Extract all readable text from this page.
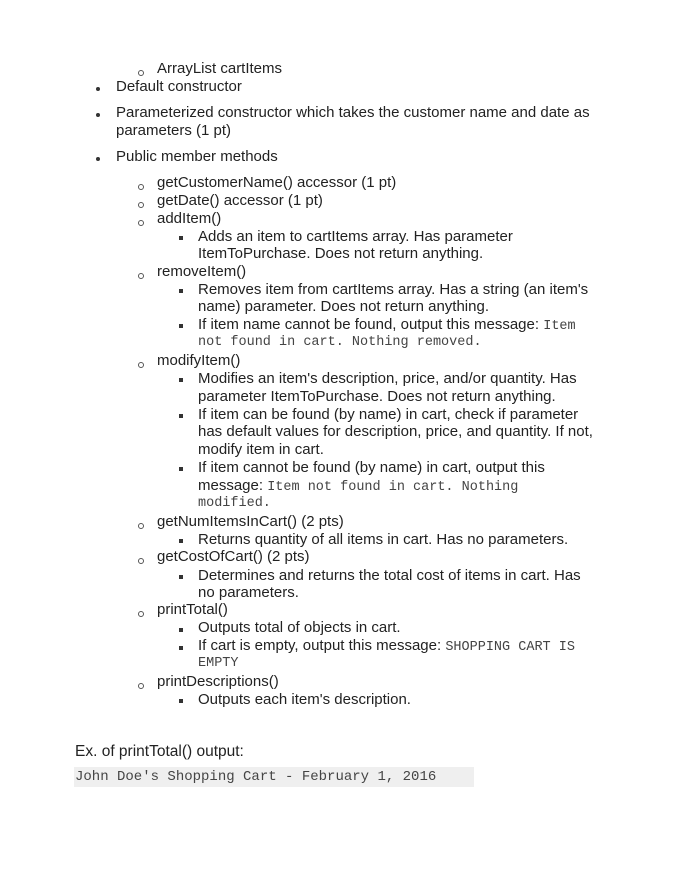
ArrayList cartItems
Default constructor
Parameterized constructor which takes the customer name and date as
parameters (1 pt)
Public member methods
getCustomerName() accessor (1 pt)
getDate() accessor (1 pt)
addItem()
Adds an item to cartItems array. Has parameter
ItemToPurchase. Does not return anything.
removeItem()
Removes item from cartItems array. Has a string (an item's
name) parameter. Does not return anything.
If item name cannot be found, output this message: Item
not found in cart. Nothing removed.
modifyItem()
Modifies an item's description, price, and/or quantity. Has
parameter ItemToPurchase. Does not return anything.
If item can be found (by name) in cart, check if parameter
has default values for description, price, and quantity. If not,
modify item in cart.
If item cannot be found (by name) in cart, output this
message: Item not found in cart. Nothing
modified.
getNumItemsInCart() (2 pts)
Returns quantity of all items in cart. Has no parameters.
getCostOfCart() (2 pts)
Determines and returns the total cost of items in cart. Has
no parameters.
printTotal()
Outputs total of objects in cart.
If cart is empty, output this message: SHOPPING CART IS
EMPTY
printDescriptions()
Outputs each item's description.
Ex. of printTotal() output:
John Doe's Shopping Cart - February 1, 2016
